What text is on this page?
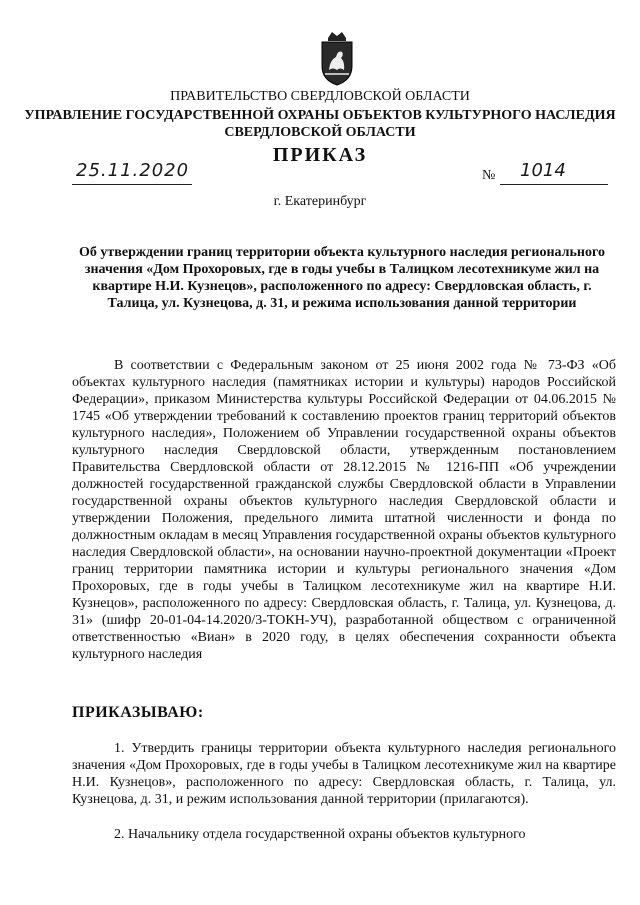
ПРАВИТЕЛЬСТВО СВЕРДЛОВСКОЙ ОБЛАСТИ
УПРАВЛЕНИЕ ГОСУДАРСТВЕННОЙ ОХРАНЫ ОБЪЕКТОВ КУЛЬТУРНОГО НАСЛЕДИЯ
СВЕРДЛОВСКОЙ ОБЛАСТИ
ПРИКАЗ
25.11.2020	№ 1014
г. Екатеринбург
Об утверждении границ территории объекта культурного наследия регионального значения «Дом Прохоровых, где в годы учебы в Талицком лесотехникуме жил на квартире Н.И. Кузнецов», расположенного по адресу: Свердловская область, г. Талица, ул. Кузнецова, д. 31, и режима использования данной территории
В соответствии с Федеральным законом от 25 июня 2002 года № 73-ФЗ «Об объектах культурного наследия (памятниках истории и культуры) народов Российской Федерации», приказом Министерства культуры Российской Федерации от 04.06.2015 № 1745 «Об утверждении требований к составлению проектов границ территорий объектов культурного наследия», Положением об Управлении государственной охраны объектов культурного наследия Свердловской области, утвержденным постановлением Правительства Свердловской области от 28.12.2015 № 1216-ПП «Об учреждении должностей государственной гражданской службы Свердловской области в Управлении государственной охраны объектов культурного наследия Свердловской области и утверждении Положения, предельного лимита штатной численности и фонда по должностным окладам в месяц Управления государственной охраны объектов культурного наследия Свердловской области», на основании научно-проектной документации «Проект границ территории памятника истории и культуры регионального значения «Дом Прохоровых, где в годы учебы в Талицком лесотехникуме жил на квартире Н.И. Кузнецов», расположенного по адресу: Свердловская область, г. Талица, ул. Кузнецова, д. 31» (шифр 20-01-04-14.2020/3-ТОКН-УЧ), разработанной обществом с ограниченной ответственностью «Виан» в 2020 году, в целях обеспечения сохранности объекта культурного наследия
ПРИКАЗЫВАЮ:
1. Утвердить границы территории объекта культурного наследия регионального значения «Дом Прохоровых, где в годы учебы в Талицком лесотехникуме жил на квартире Н.И. Кузнецов», расположенного по адресу: Свердловская область, г. Талица, ул. Кузнецова, д. 31, и режим использования данной территории (прилагаются).
2. Начальнику отдела государственной охраны объектов культурного
